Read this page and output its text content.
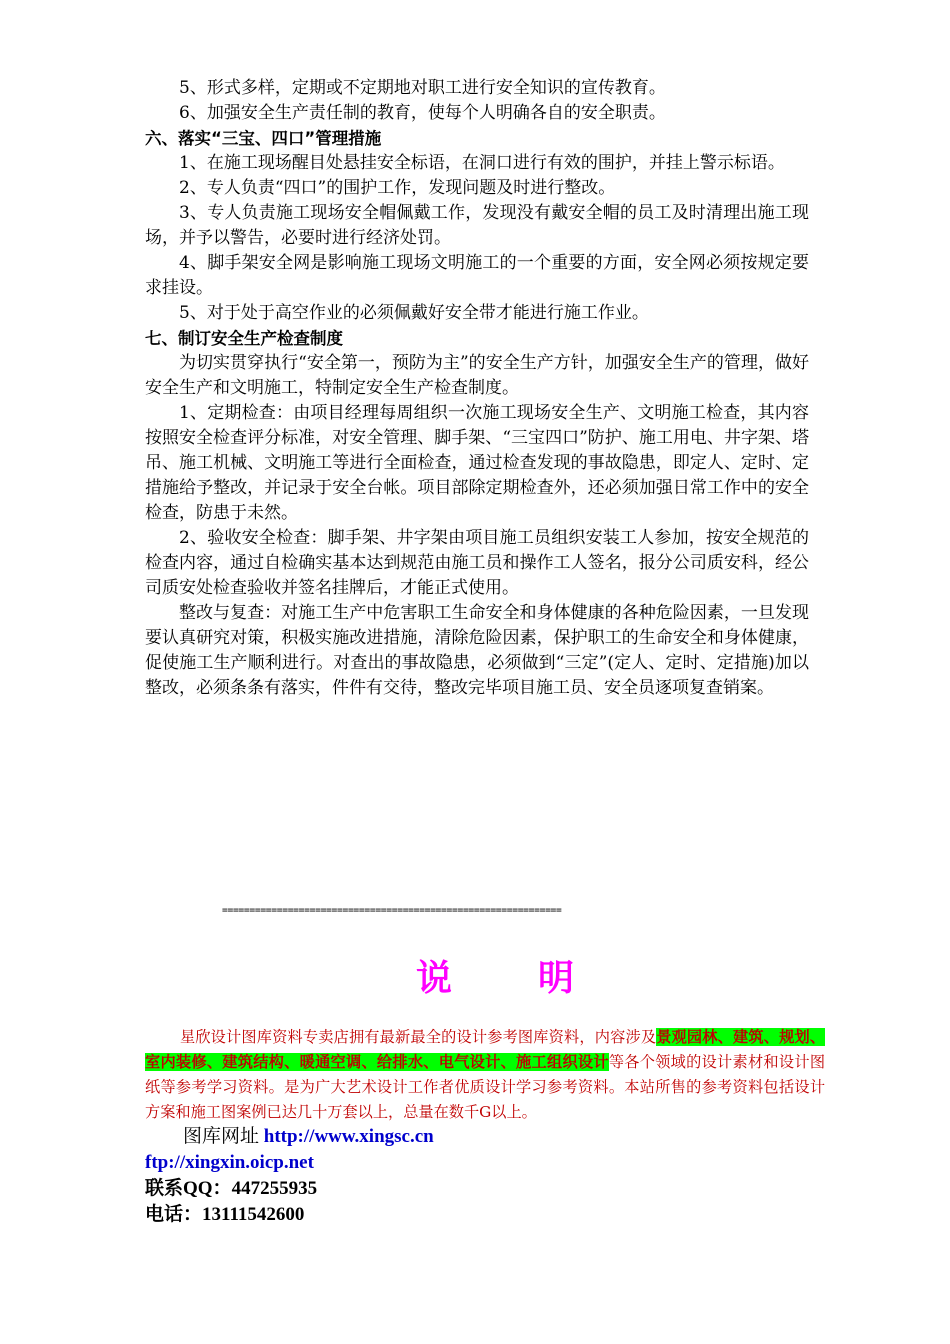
5、形式多样，定期或不定期地对职工进行安全知识的宣传教育。

6、加强安全生产责任制的教育，使每个人明确各自的安全职责。

六、落实“三宝、四口”管理措施

1、在施工现场醒目处悬挂安全标语，在洞口进行有效的围护，并挂上警示标语。

2、专人负责“四口”的围护工作，发现问题及时进行整改。

3、专人负责施工现场安全帽佩戴工作，发现没有戴安全帽的员工及时清理出施工现场，并予以警告，必要时进行经济处罚。

4、脚手架安全网是影响施工现场文明施工的一个重要的方面，安全网必须按规定要求挂设。

5、对于处于高空作业的必须佩戴好安全带才能进行施工作业。

七、制订安全生产检查制度

为切实贯穿执行“安全第一，预防为主”的安全生产方针，加强安全生产的管理，做好安全生产和文明施工，特制定安全生产检查制度。

1、定期检查：由项目经理每周组织一次施工现场安全生产、文明施工检查，其内容按照安全检查评分标准，对安全管理、脚手架、“三宝四口”防护、施工用电、井字架、塔吊、施工机械、文明施工等进行全面检查，通过检查发现的事故隐患，即定人、定时、定措施给予整改，并记录于安全台帐。项目部除定期检查外，还必须加强日常工作中的安全检查，防患于未然。

2、验收安全检查：脚手架、井字架由项目施工员组织安装工人参加，按安全规范的检查内容，通过自检确实基本达到规范由施工员和操作工人签名，报分公司质安科，经公司质安处检查验收并签名挂牌后，才能正式使用。

整改与复查：对施工生产中危害职工生命安全和身体健康的各种危险因素，一旦发现要认真研究对策，积极实施改进措施，清除危险因素，保护职工的生命安全和身体健康，促使施工生产顺利进行。对查出的事故隐患，必须做到“三定”(定人、定时、定措施)加以整改，必须条条有落实，件件有交待，整改完毕项目施工员、安全员逐项复查销案。

==============================================================
说 明

星欣设计图库资料专卖店拥有最新最全的设计参考图库资料，内容涉及景观园林、建筑、规划、室内装修、建筑结构、暖通空调、给排水、电气设计、施工组织设计等各个领域的设计素材和设计图纸等参考学习资料。是为广大艺术设计工作者优质设计学习参考资料。本站所售的参考资料包括设计方案和施工图案例已达几十万套以上，总量在数千G以上。

图库网址 http://www.xingsc.cn
ftp://xingxin.oicp.net
联系QQ：447255935
电话：13111542600
